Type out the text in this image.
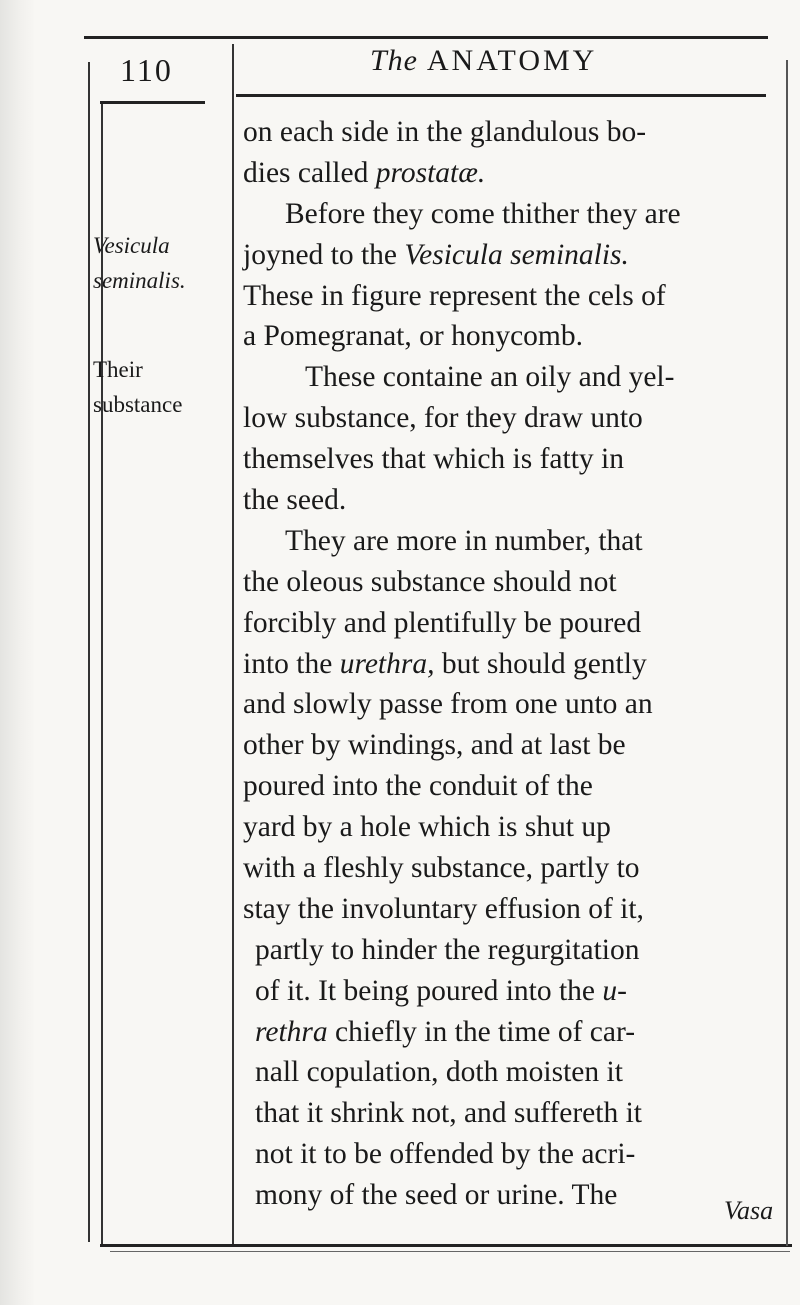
110	The ANATOMY
Vesicula
seminalis.
Their
substance
on each side in the glandulous bo-
dies called prostatæ.
Before they come thither they are
joyned to the Vesicula seminalis.
These in figure represent the cels of
a Pomegranat, or honycomb.
These containe an oily and yel-
low substance, for they draw unto
themselves that which is fatty in
the seed.
They are more in number, that
the oleous substance should not
forcibly and plentifully be poured
into the urethra, but should gently
and slowly passe from one unto an
other by windings, and at last be
poured into the conduit of the
yard by a hole which is shut up
with a fleshly substance, partly to
stay the involuntary effusion of it,
partly to hinder the regurgitation
of it. It being poured into the u-
rethra chiefly in the time of car-
nall copulation, doth moisten it
that it shrink not, and suffereth it
not it to be offended by the acri-
mony of the seed or urine. The	Vasa
